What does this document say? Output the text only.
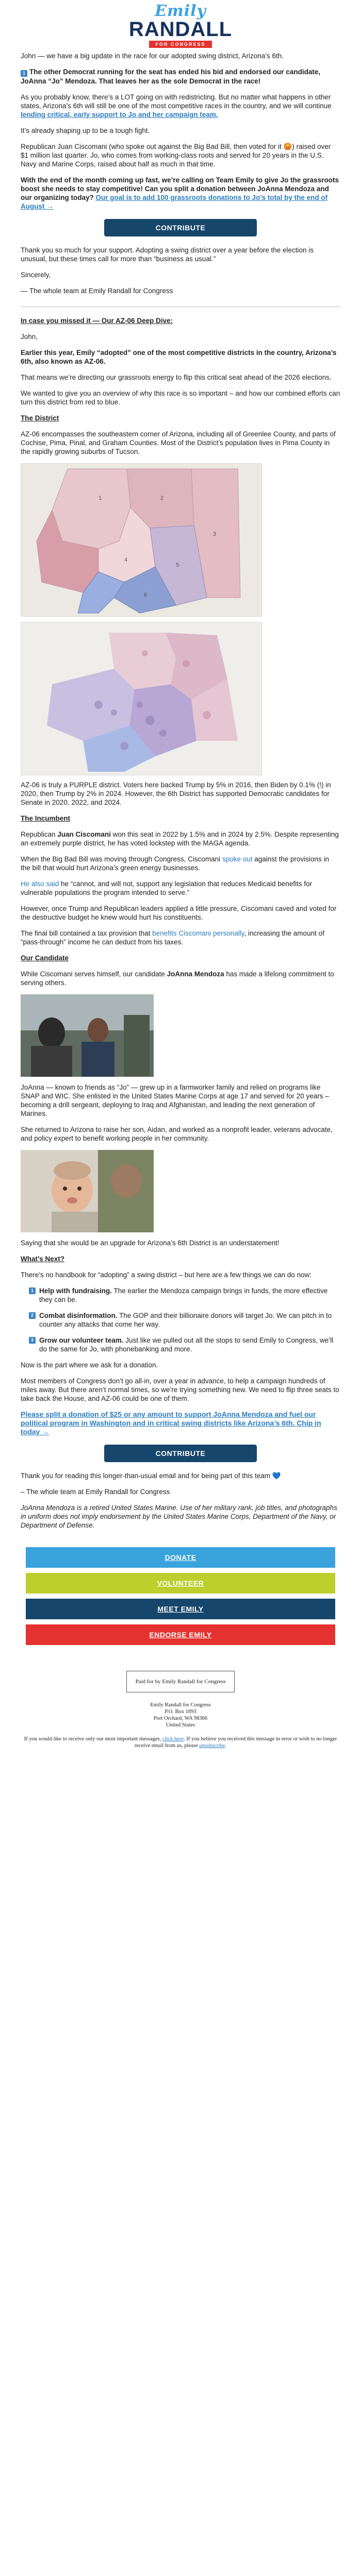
Emily
RANDALL
FOR CONGRESS

John — we have a big update in the race for our adopted swing district, Arizona’s 6th.

1 The other Democrat running for the seat has ended his bid and endorsed our candidate, JoAnna “Jo” Mendoza. That leaves her as the sole Democrat in the race!

As you probably know, there’s a LOT going on with redistricting. But no matter what happens in other states, Arizona’s 6th will still be one of the most competitive races in the country, and we will continue lending critical, early support to Jo and her campaign team.

It’s already shaping up to be a tough fight.

Republican Juan Ciscomani (who spoke out against the Big Bad Bill, then voted for it 😡) raised over $1 million last quarter. Jo, who comes from working-class roots and served for 20 years in the U.S. Navy and Marine Corps, raised about half as much in that time.

With the end of the month coming up fast, we’re calling on Team Emily to give Jo the grassroots boost she needs to stay competitive! Can you split a donation between JoAnna Mendoza and our organizing today? Our goal is to add 100 grassroots donations to Jo’s total by the end of August →

CONTRIBUTE

Thank you so much for your support. Adopting a swing district over a year before the election is unusual, but these times call for more than “business as usual.”

Sincerely,

— The whole team at Emily Randall for Congress

In case you missed it — Our AZ-06 Deep Dive:

John,

Earlier this year, Emily “adopted” one of the most competitive districts in the country, Arizona’s 6th, also known as AZ-06.

That means we’re directing our grassroots energy to flip this critical seat ahead of the 2026 elections.

We wanted to give you an overview of why this race is so important – and how our combined efforts can turn this district from red to blue.

The District

AZ-06 encompasses the southeastern corner of Arizona, including all of Greenlee County, and parts of Cochise, Pima, Pinal, and Graham Counties. Most of the District’s population lives in Pima County in the rapidly growing suburbs of Tucson.

1	2
3
4
5
6

AZ-06 is truly a PURPLE district. Voters here backed Trump by 5% in 2016, then Biden by 0.1% (!) in 2020, then Trump by 2% in 2024. However, the 6th District has supported Democratic candidates for Senate in 2020, 2022, and 2024.

The Incumbent

Republican Juan Ciscomani won this seat in 2022 by 1.5% and in 2024 by 2.5%. Despite representing an extremely purple district, he has voted lockstep with the MAGA agenda.

When the Big Bad Bill was moving through Congress, Ciscomani spoke out against the provisions in the bill that would hurt Arizona’s green energy businesses.

He also said he “cannot, and will not, support any legislation that reduces Medicaid benefits for vulnerable populations the program intended to serve.”

However, once Trump and Republican leaders applied a little pressure, Ciscomani caved and voted for the destructive budget he knew would hurt his constituents.

The final bill contained a tax provision that benefits Ciscomani personally, increasing the amount of “pass-through” income he can deduct from his taxes.

Our Candidate

While Ciscomani serves himself, our candidate JoAnna Mendoza has made a lifelong commitment to serving others.

JoAnna — known to friends as “Jo” — grew up in a farmworker family and relied on programs like SNAP and WIC. She enlisted in the United States Marine Corps at age 17 and served for 20 years – becoming a drill sergeant, deploying to Iraq and Afghanistan, and leading the next generation of Marines.

She returned to Arizona to raise her son, Aidan, and worked as a nonprofit leader, veterans advocate, and policy expert to benefit working people in her community.

Saying that she would be an upgrade for Arizona’s 6th District is an understatement!

What’s Next?

There’s no handbook for “adopting” a swing district – but here are a few things we can do now:

1 Help with fundraising. The earlier the Mendoza campaign brings in funds, the more effective they can be.

2 Combat disinformation. The GOP and their billionaire donors will target Jo. We can pitch in to counter any attacks that come her way.

3 Grow our volunteer team. Just like we pulled out all the stops to send Emily to Congress, we’ll do the same for Jo, with phonebanking and more.

Now is the part where we ask for a donation.

Most members of Congress don’t go all-in, over a year in advance, to help a campaign hundreds of miles away. But there aren’t normal times, so we’re trying something new. We need to flip three seats to take back the House, and AZ-06 could be one of them.

Please split a donation of $25 or any amount to support JoAnna Mendoza and fuel our political program in Washington and in critical swing districts like Arizona’s 6th. Chip in today →

CONTRIBUTE

Thank you for reading this longer-than-usual email and for being part of this team 💙

– The whole team at Emily Randall for Congress

JoAnna Mendoza is a retired United States Marine. Use of her military rank, job titles, and photographs in uniform does not imply endorsement by the United States Marine Corps, Department of the Navy, or Department of Defense.

DONATE
VOLUNTEER
MEET EMILY
ENDORSE EMILY
Paid for by Emily Randall for Congress
Emily Randall for Congress
P.O. Box 1893
Port Orchard, WA 98366
United States
If you would like to receive only our most important messages, click here. If you believe you received this message in error or wish to no longer receive email from us, please unsubscribe.
